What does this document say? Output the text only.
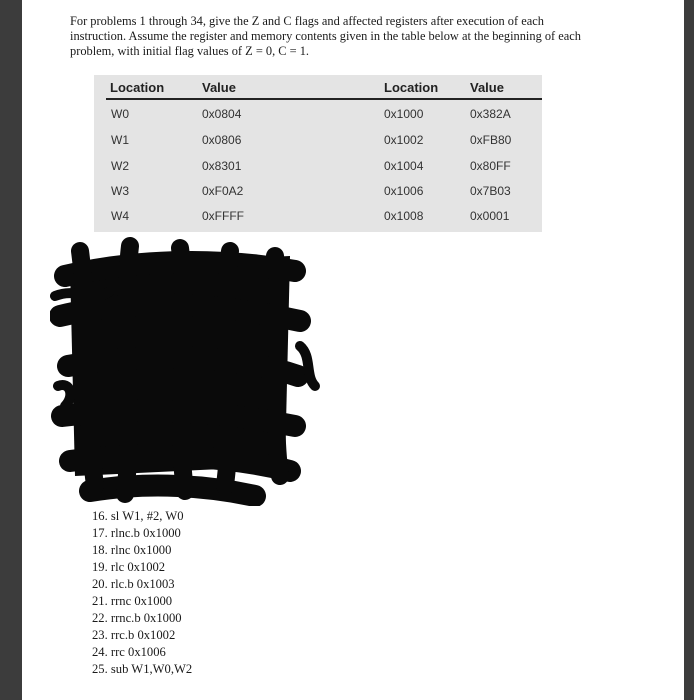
For problems 1 through 34, give the Z and C flags and affected registers after execution of each instruction. Assume the register and memory contents given in the table below at the beginning of each problem, with initial flag values of Z = 0, C = 1.

Location	Value	Location Value
W0	0x0804	0x1000	0x382A
W1	0x0806	0x1002	0xFB80
W2	0x8301	0x1004	0x80FF
W3	0xF0A2	0x1006	0x7B03
W4	0xFFFF	0x1008	0x0001
16. sl W1, #2, W0
17. rlnc.b 0x1000
18. rlnc 0x1000
19. rlc 0x1002
20. rlc.b 0x1003
21. rrnc 0x1000
22. rrnc.b 0x1000
23. rrc.b 0x1002
24. rrc 0x1006
25. sub W1,W0,W2
